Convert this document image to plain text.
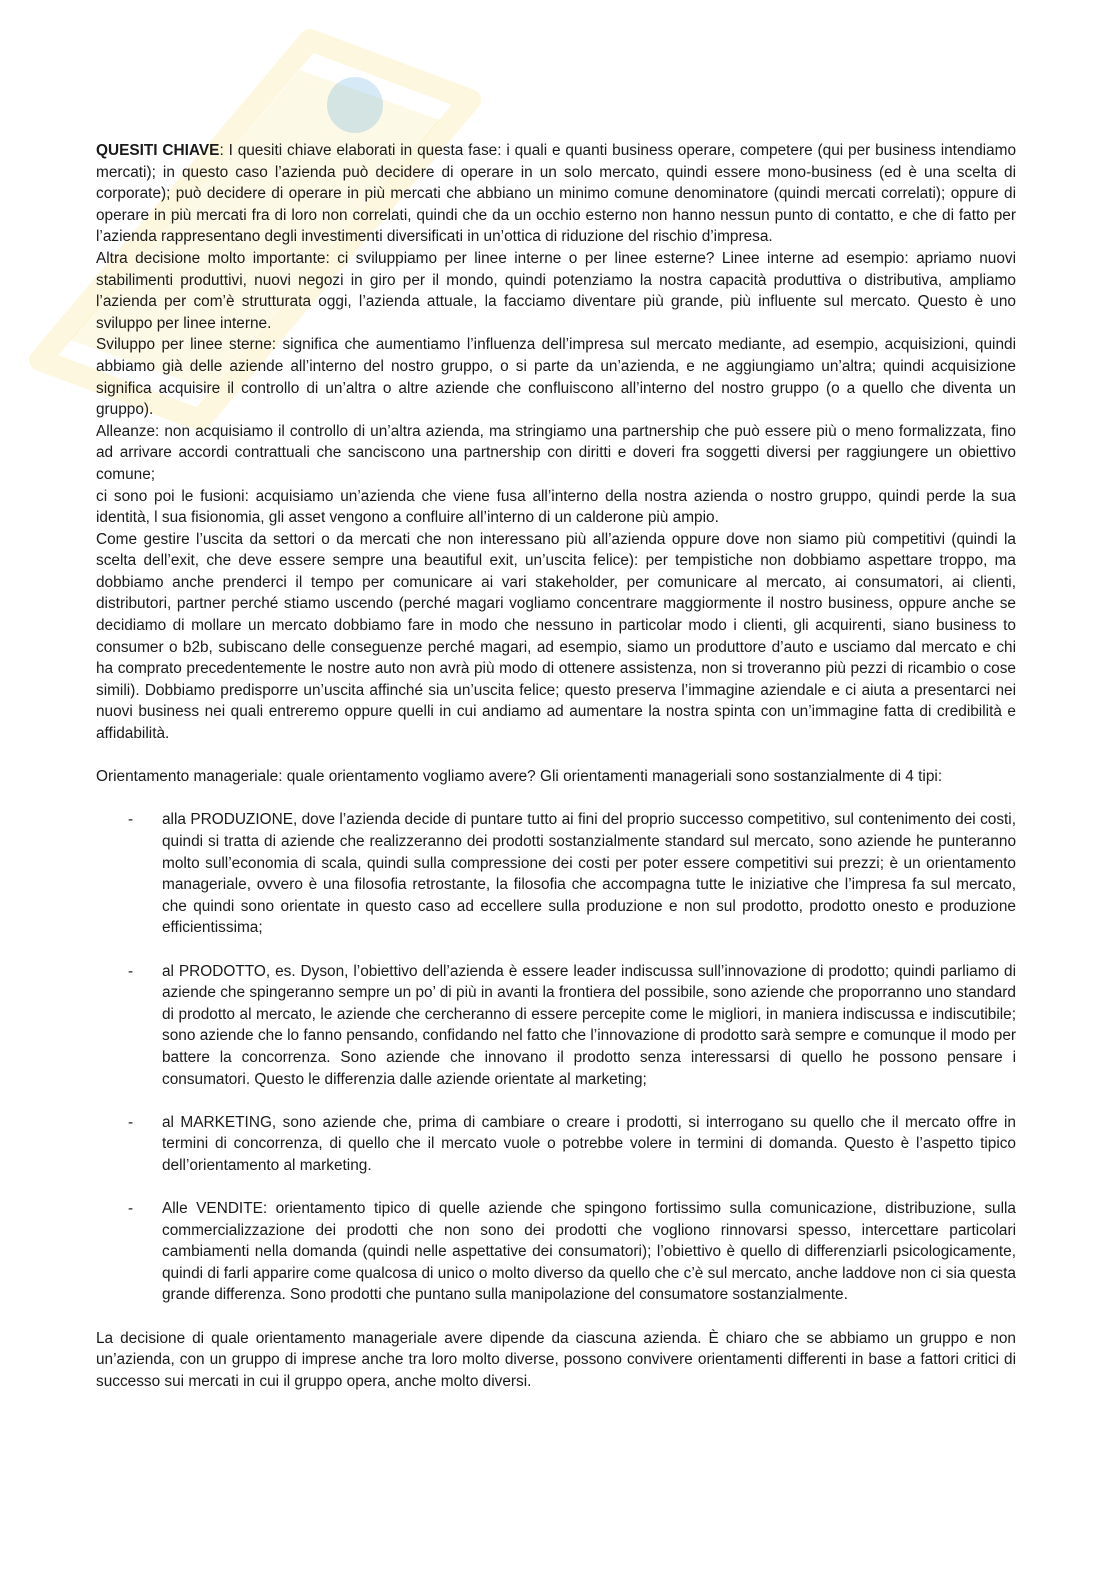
QUESITI CHIAVE: I quesiti chiave elaborati in questa fase: i quali e quanti business operare, competere (qui per business intendiamo mercati); in questo caso l’azienda può decidere di operare in un solo mercato, quindi essere mono-business (ed è una scelta di corporate); può decidere di operare in più mercati che abbiano un minimo comune denominatore (quindi mercati correlati); oppure di operare in più mercati fra di loro non correlati, quindi che da un occhio esterno non hanno nessun punto di contatto, e che di fatto per l’azienda rappresentano degli investimenti diversificati in un’ottica di riduzione del rischio d’impresa.

Altra decisione molto importante: ci sviluppiamo per linee interne o per linee esterne? Linee interne ad esempio: apriamo nuovi stabilimenti produttivi, nuovi negozi in giro per il mondo, quindi potenziamo la nostra capacità produttiva o distributiva, ampliamo l’azienda per com’è strutturata oggi, l’azienda attuale, la facciamo diventare più grande, più influente sul mercato. Questo è uno sviluppo per linee interne.

Sviluppo per linee sterne: significa che aumentiamo l’influenza dell’impresa sul mercato mediante, ad esempio, acquisizioni, quindi abbiamo già delle aziende all’interno del nostro gruppo, o si parte da un’azienda, e ne aggiungiamo un’altra; quindi acquisizione significa acquisire il controllo di un’altra o altre aziende che confluiscono all’interno del nostro gruppo (o a quello che diventa un gruppo).

Alleanze: non acquisiamo il controllo di un’altra azienda, ma stringiamo una partnership che può essere più o meno formalizzata, fino ad arrivare accordi contrattuali che sanciscono una partnership con diritti e doveri fra soggetti diversi per raggiungere un obiettivo comune;

ci sono poi le fusioni: acquisiamo un’azienda che viene fusa all’interno della nostra azienda o nostro gruppo, quindi perde la sua identità, l sua fisionomia, gli asset vengono a confluire all’interno di un calderone più ampio.

Come gestire l’uscita da settori o da mercati che non interessano più all’azienda oppure dove non siamo più competitivi (quindi la scelta dell’exit, che deve essere sempre una beautiful exit, un’uscita felice): per tempistiche non dobbiamo aspettare troppo, ma dobbiamo anche prenderci il tempo per comunicare ai vari stakeholder, per comunicare al mercato, ai consumatori, ai clienti, distributori, partner perché stiamo uscendo (perché magari vogliamo concentrare maggiormente il nostro business, oppure anche se decidiamo di mollare un mercato dobbiamo fare in modo che nessuno in particolar modo i clienti, gli acquirenti, siano business to consumer o b2b, subiscano delle conseguenze perché magari, ad esempio, siamo un produttore d’auto e usciamo dal mercato e chi ha comprato precedentemente le nostre auto non avrà più modo di ottenere assistenza, non si troveranno più pezzi di ricambio o cose simili). Dobbiamo predisporre un’uscita affinché sia un’uscita felice; questo preserva l’immagine aziendale e ci aiuta a presentarci nei nuovi business nei quali entreremo oppure quelli in cui andiamo ad aumentare la nostra spinta con un’immagine fatta di credibilità e affidabilità.

Orientamento manageriale: quale orientamento vogliamo avere? Gli orientamenti manageriali sono sostanzialmente di 4 tipi:

- alla PRODUZIONE, dove l’azienda decide di puntare tutto ai fini del proprio successo competitivo, sul contenimento dei costi, quindi si tratta di aziende che realizzeranno dei prodotti sostanzialmente standard sul mercato, sono aziende he punteranno molto sull’economia di scala, quindi sulla compressione dei costi per poter essere competitivi sui prezzi; è un orientamento manageriale, ovvero è una filosofia retrostante, la filosofia che accompagna tutte le iniziative che l’impresa fa sul mercato, che quindi sono orientate in questo caso ad eccellere sulla produzione e non sul prodotto, prodotto onesto e produzione efficientissima;
- al PRODOTTO, es. Dyson, l’obiettivo dell’azienda è essere leader indiscussa sull’innovazione di prodotto; quindi parliamo di aziende che spingeranno sempre un po’ di più in avanti la frontiera del possibile, sono aziende che proporranno uno standard di prodotto al mercato, le aziende che cercheranno di essere percepite come le migliori, in maniera indiscussa e indiscutibile; sono aziende che lo fanno pensando, confidando nel fatto che l’innovazione di prodotto sarà sempre e comunque il modo per battere la concorrenza. Sono aziende che innovano il prodotto senza interessarsi di quello he possono pensare i consumatori. Questo le differenzia dalle aziende orientate al marketing;
- al MARKETING, sono aziende che, prima di cambiare o creare i prodotti, si interrogano su quello che il mercato offre in termini di concorrenza, di quello che il mercato vuole o potrebbe volere in termini di domanda. Questo è l’aspetto tipico dell’orientamento al marketing.
- Alle VENDITE: orientamento tipico di quelle aziende che spingono fortissimo sulla comunicazione, distribuzione, sulla commercializzazione dei prodotti che non sono dei prodotti che vogliono rinnovarsi spesso, intercettare particolari cambiamenti nella domanda (quindi nelle aspettative dei consumatori); l’obiettivo è quello di differenziarli psicologicamente, quindi di farli apparire come qualcosa di unico o molto diverso da quello che c’è sul mercato, anche laddove non ci sia questa grande differenza. Sono prodotti che puntano sulla manipolazione del consumatore sostanzialmente.

La decisione di quale orientamento manageriale avere dipende da ciascuna azienda. È chiaro che se abbiamo un gruppo e non un’azienda, con un gruppo di imprese anche tra loro molto diverse, possono convivere orientamenti differenti in base a fattori critici di successo sui mercati in cui il gruppo opera, anche molto diversi.
